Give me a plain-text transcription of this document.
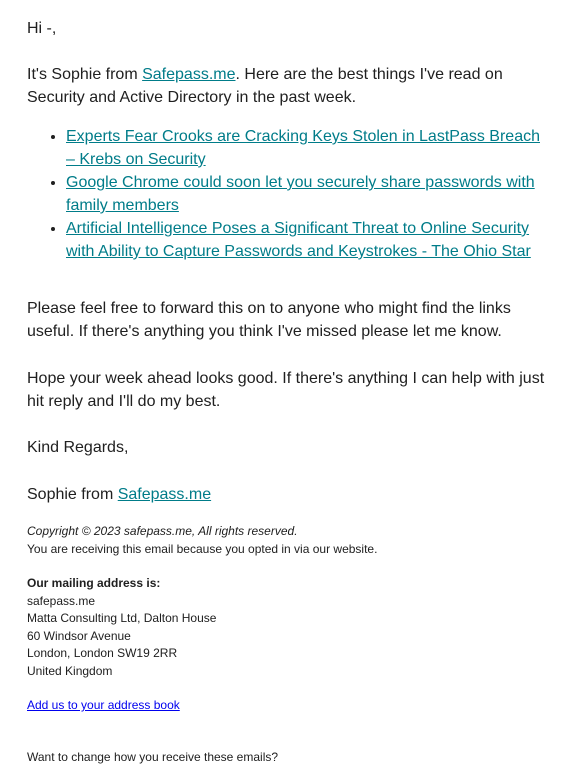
Hi -,

It's Sophie from Safepass.me. Here are the best things I've read on Security and Active Directory in the past week.

• Experts Fear Crooks are Cracking Keys Stolen in LastPass Breach – Krebs on Security
• Google Chrome could soon let you securely share passwords with family members
• Artificial Intelligence Poses a Significant Threat to Online Security with Ability to Capture Passwords and Keystrokes - The Ohio Star

Please feel free to forward this on to anyone who might find the links useful. If there's anything you think I've missed please let me know.

Hope your week ahead looks good. If there's anything I can help with just hit reply and I'll do my best.

Kind Regards,

Sophie from Safepass.me

Copyright © 2023 safepass.me, All rights reserved.

You are receiving this email because you opted in via our website.

Our mailing address is:

safepass.me
Matta Consulting Ltd, Dalton House
60 Windsor Avenue
London, London SW19 2RR
United Kingdom

Add us to your address book

Want to change how you receive these emails?
